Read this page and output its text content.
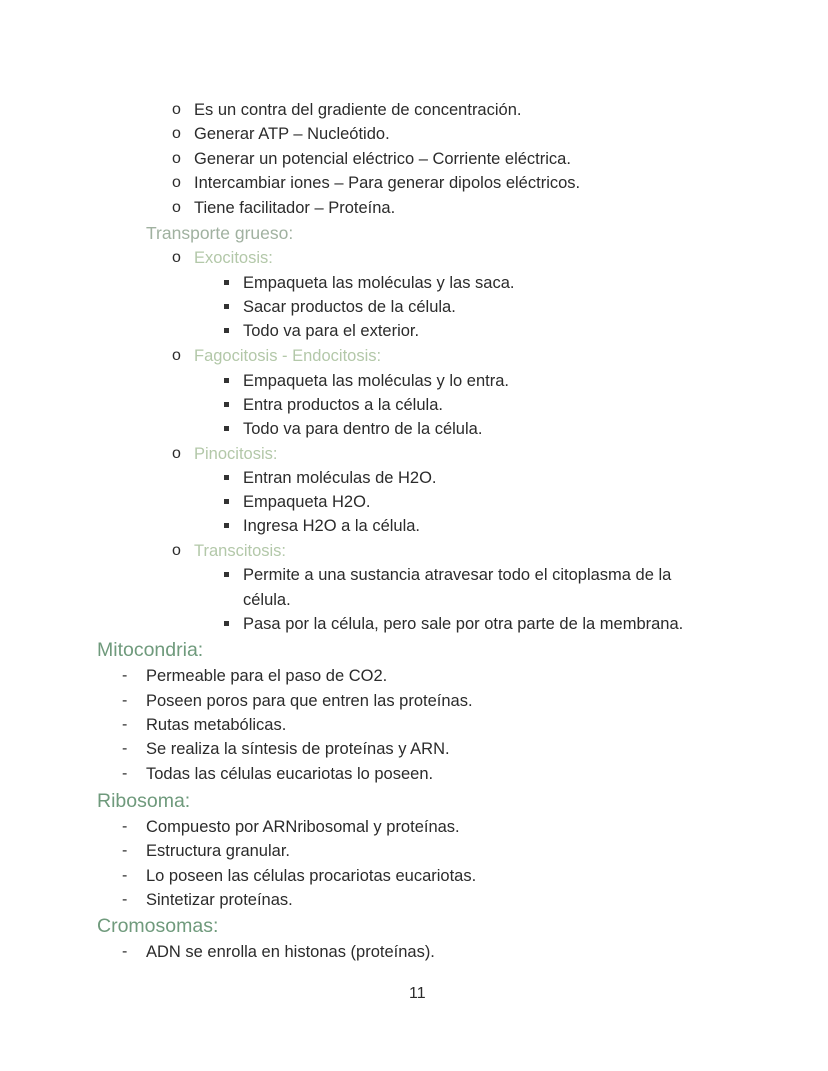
o Es un contra del gradiente de concentración.
o Generar ATP – Nucleótido.
o Generar un potencial eléctrico – Corriente eléctrica.
o Intercambiar iones – Para generar dipolos eléctricos.
o Tiene facilitador – Proteína.
Transporte grueso:
o Exocitosis:
Empaqueta las moléculas y las saca.
Sacar productos de la célula.
Todo va para el exterior.
o Fagocitosis - Endocitosis:
Empaqueta las moléculas y lo entra.
Entra productos a la célula.
Todo va para dentro de la célula.
o Pinocitosis:
Entran moléculas de H2O.
Empaqueta H2O.
Ingresa H2O a la célula.
o Transcitosis:
Permite a una sustancia atravesar todo el citoplasma de la
célula.
Pasa por la célula, pero sale por otra parte de la membrana.
Mitocondria:
- Permeable para el paso de CO2.
- Poseen poros para que entren las proteínas.
- Rutas metabólicas.
- Se realiza la síntesis de proteínas y ARN.
- Todas las células eucariotas lo poseen.
Ribosoma:
- Compuesto por ARNribosomal y proteínas.
- Estructura granular.
- Lo poseen las células procariotas eucariotas.
- Sintetizar proteínas.
Cromosomas:
- ADN se enrolla en histonas (proteínas).
11
